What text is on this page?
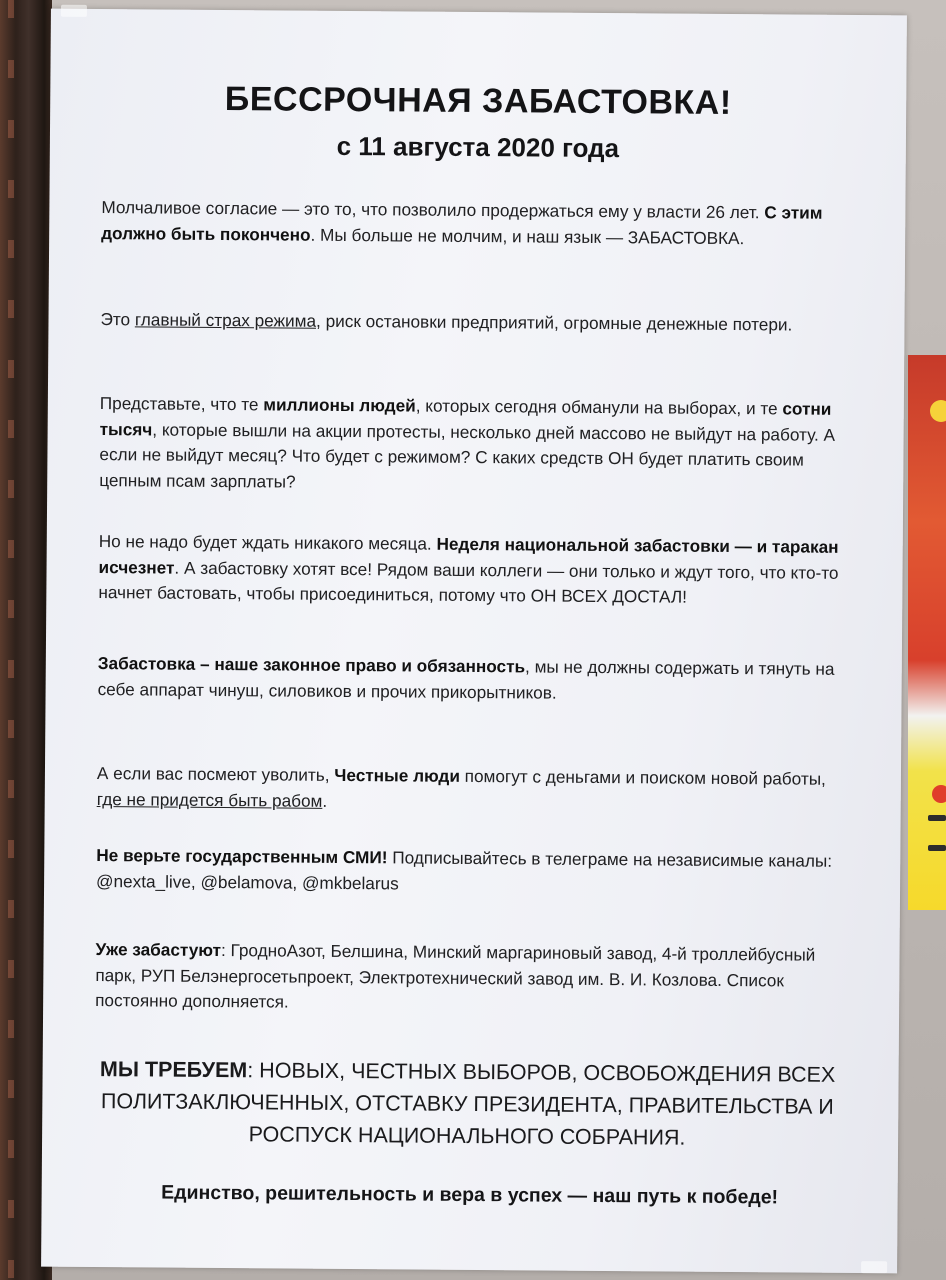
БЕССРОЧНАЯ ЗАБАСТОВКА!
с 11 августа 2020 года
Молчаливое согласие — это то, что позволило продержаться ему у власти 26 лет. С этим должно быть покончено. Мы больше не молчим, и наш язык — ЗАБАСТОВКА.
Это главный страх режима, риск остановки предприятий, огромные денежные потери.
Представьте, что те миллионы людей, которых сегодня обманули на выборах, и те сотни тысяч, которые вышли на акции протесты, несколько дней массово не выйдут на работу. А если не выйдут месяц? Что будет с режимом? С каких средств ОН будет платить своим цепным псам зарплаты?
Но не надо будет ждать никакого месяца. Неделя национальной забастовки — и таракан исчезнет. А забастовку хотят все! Рядом ваши коллеги — они только и ждут того, что кто-то начнет бастовать, чтобы присоединиться, потому что ОН ВСЕХ ДОСТАЛ!
Забастовка – наше законное право и обязанность, мы не должны содержать и тянуть на себе аппарат чинуш, силовиков и прочих прикорытников.
А если вас посмеют уволить, Честные люди помогут с деньгами и поиском новой работы, где не придется быть рабом.
Не верьте государственным СМИ! Подписывайтесь в телеграме на независимые каналы: @nexta_live, @belamova, @mkbelarus
Уже забастуют: ГродноАзот, Белшина, Минский маргариновый завод, 4-й троллейбусный парк, РУП Белэнергосетьпроект, Электротехнический завод им. В. И. Козлова. Список постоянно дополняется.
МЫ ТРЕБУЕМ: НОВЫХ, ЧЕСТНЫХ ВЫБОРОВ, ОСВОБОЖДЕНИЯ ВСЕХ ПОЛИТЗАКЛЮЧЕННЫХ, ОТСТАВКУ ПРЕЗИДЕНТА, ПРАВИТЕЛЬСТВА И РОСПУСК НАЦИОНАЛЬНОГО СОБРАНИЯ.
Единство, решительность и вера в успех — наш путь к победе!
